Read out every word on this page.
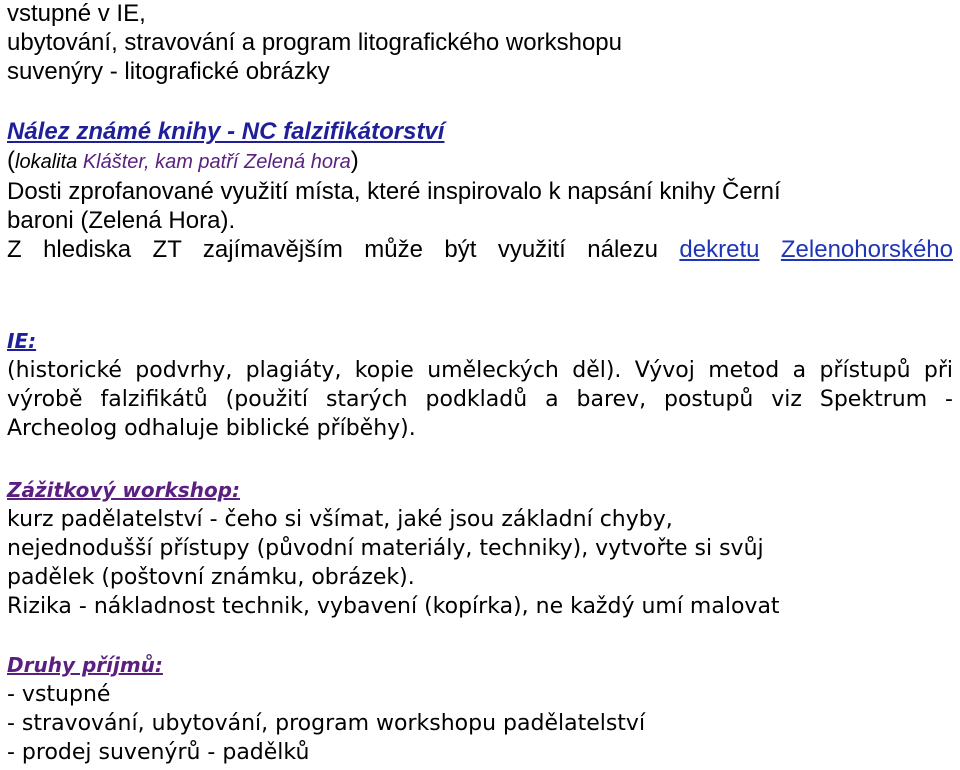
vstupné v IE,
ubytování, stravování a program litografického workshopu
suvenýry - litografické obrázky
Nález známé knihy - NC falzifikátorství
(lokalita Klášter, kam patří Zelená hora)
Dosti zprofanované využití místa, které inspirovalo k napsání knihy Černí
baroni (Zelená Hora).
Z hlediska ZT zajímavějším může být využití nálezu dekretu Zelenohorského
IE:
(historické podvrhy, plagiáty, kopie uměleckých děl). Vývoj metod a přístupů při výrobě falzifikátů (použití starých podkladů a barev, postupů viz Spektrum - Archeolog odhaluje biblické příběhy).
Zážitkový workshop:
kurz padělatelství - čeho si všímat, jaké jsou základní chyby,
nejednodušší přístupy (původní materiály, techniky), vytvořte si svůj
padělek (poštovní známku, obrázek).
Rizika - nákladnost technik, vybavení (kopírka), ne každý umí malovat
Druhy příjmů:
- vstupné
- stravování, ubytování, program workshopu padělatelství
- prodej suvenýrů - padělků
